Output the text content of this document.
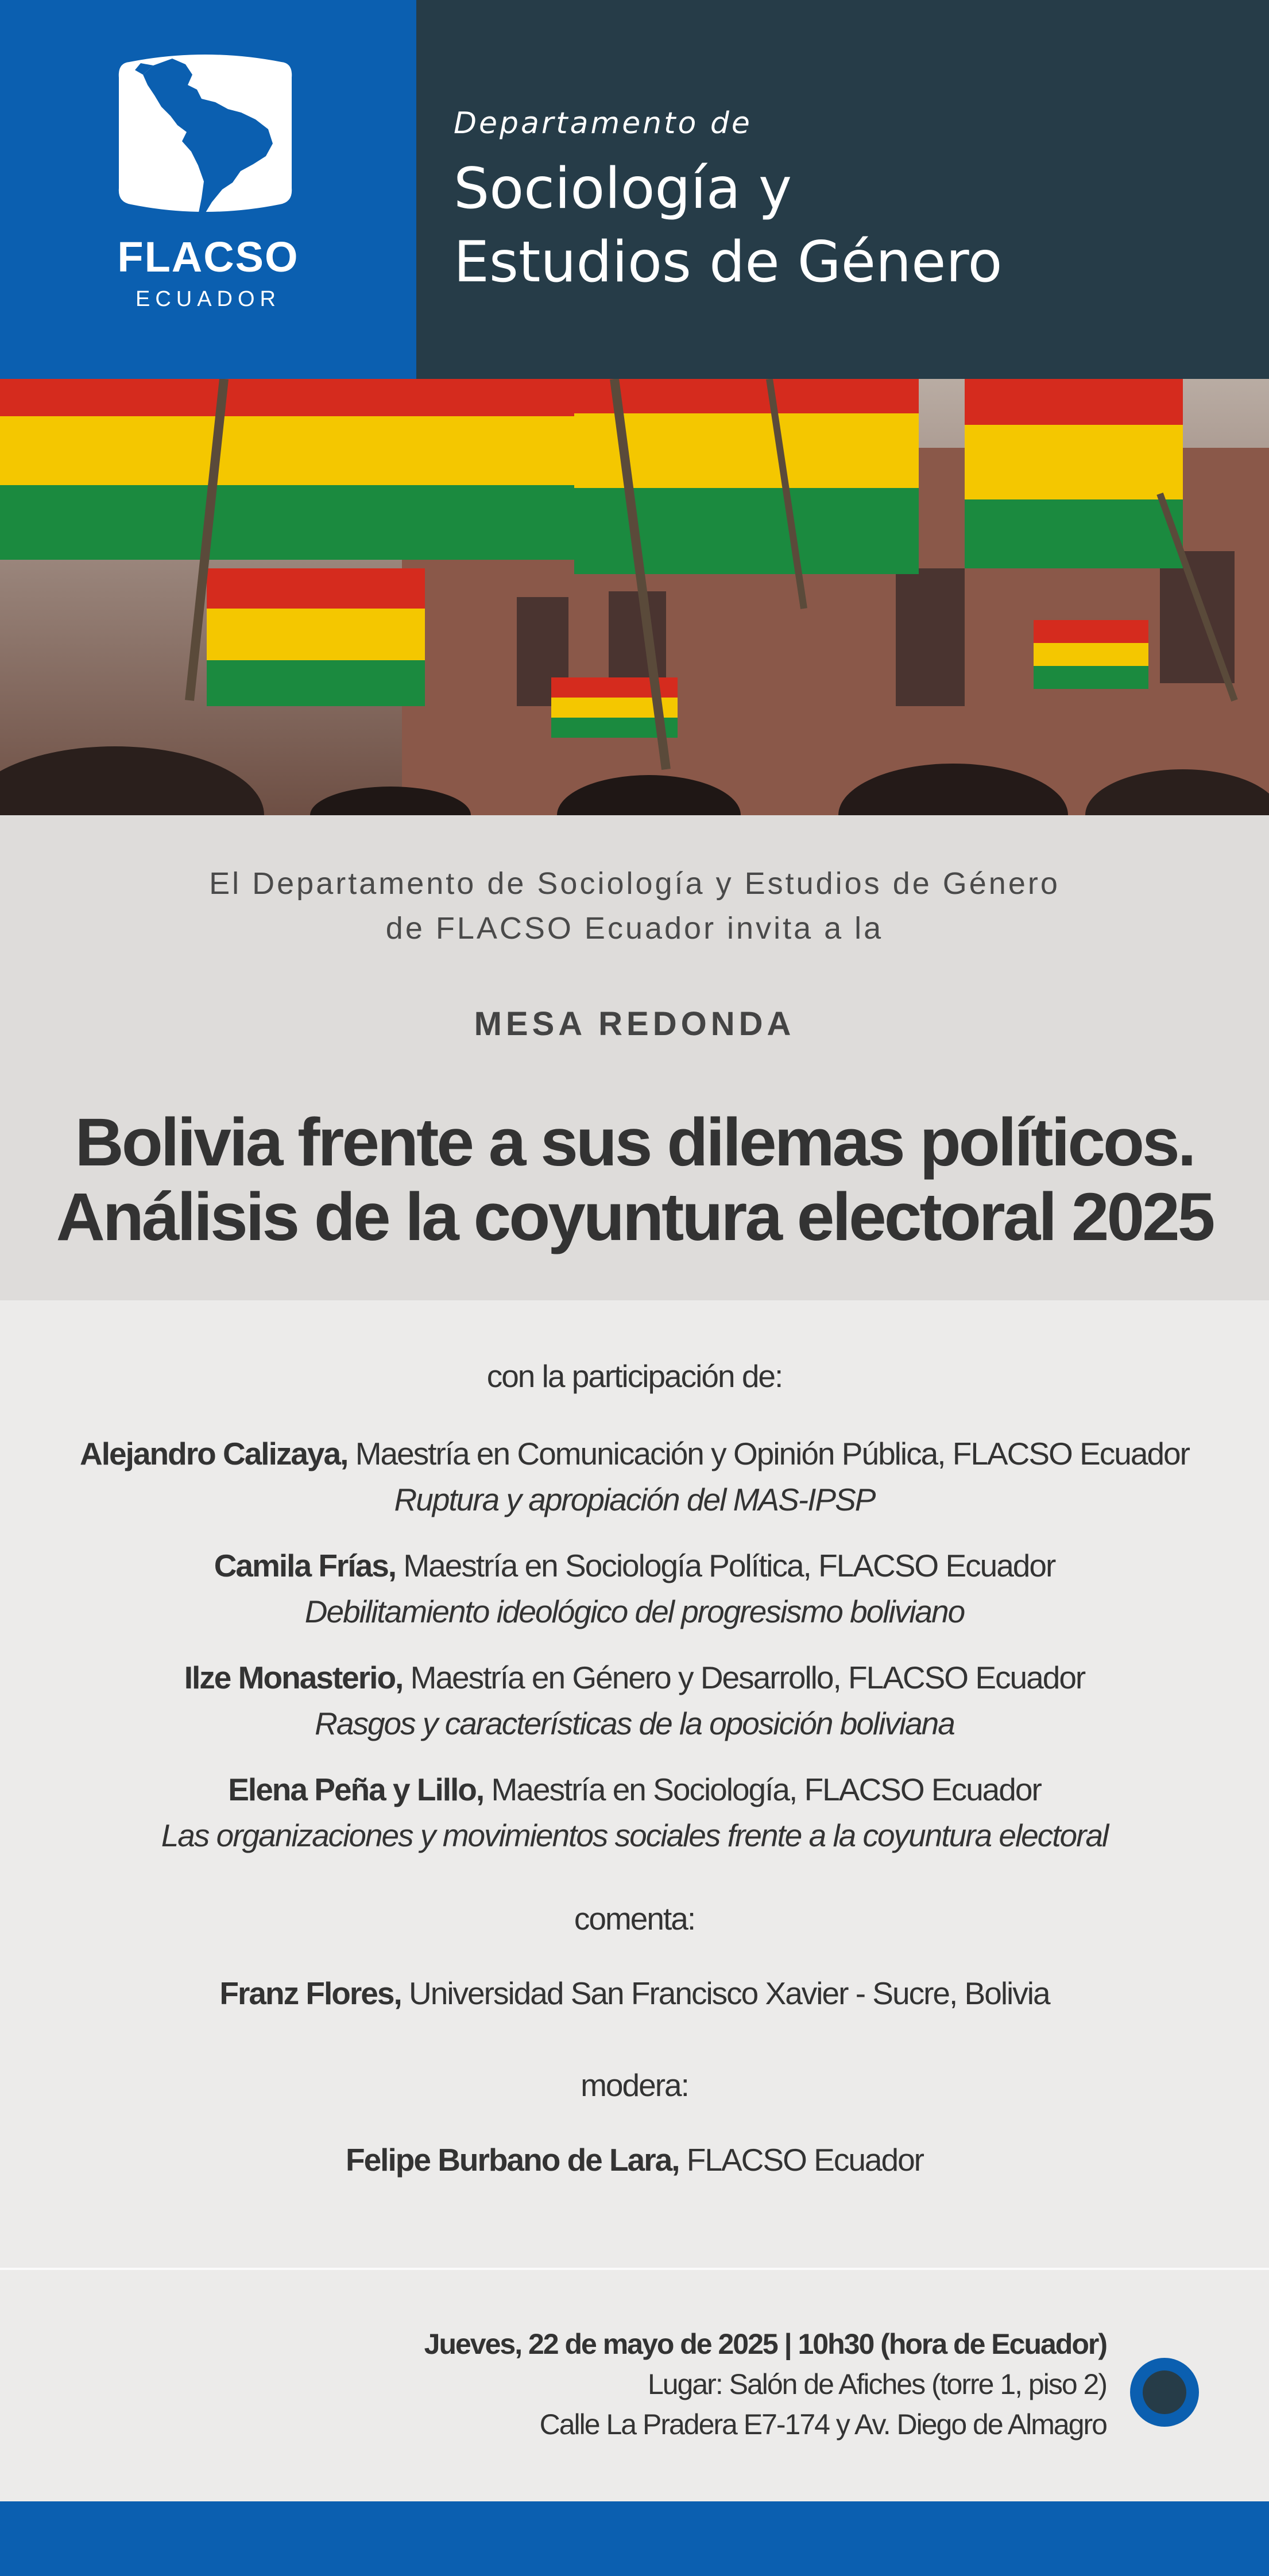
FLACSO
ECUADOR
Departamento de
Sociología y
Estudios de Género
El Departamento de Sociología y Estudios de Género
de FLACSO Ecuador invita a la
MESA REDONDA
Bolivia frente a sus dilemas políticos.
Análisis de la coyuntura electoral 2025
con la participación de:
Alejandro Calizaya, Maestría en Comunicación y Opinión Pública, FLACSO Ecuador
Ruptura y apropiación del MAS-IPSP
Camila Frías, Maestría en Sociología Política, FLACSO Ecuador
Debilitamiento ideológico del progresismo boliviano
Ilze Monasterio, Maestría en Género y Desarrollo, FLACSO Ecuador
Rasgos y características de la oposición boliviana
Elena Peña y Lillo, Maestría en Sociología, FLACSO Ecuador
Las organizaciones y movimientos sociales frente a la coyuntura electoral
comenta:
Franz Flores, Universidad San Francisco Xavier - Sucre, Bolivia
modera:
Felipe Burbano de Lara, FLACSO Ecuador
Jueves, 22 de mayo de 2025 | 10h30 (hora de Ecuador)
Lugar: Salón de Afiches (torre 1, piso 2)
Calle La Pradera E7-174 y Av. Diego de Almagro
